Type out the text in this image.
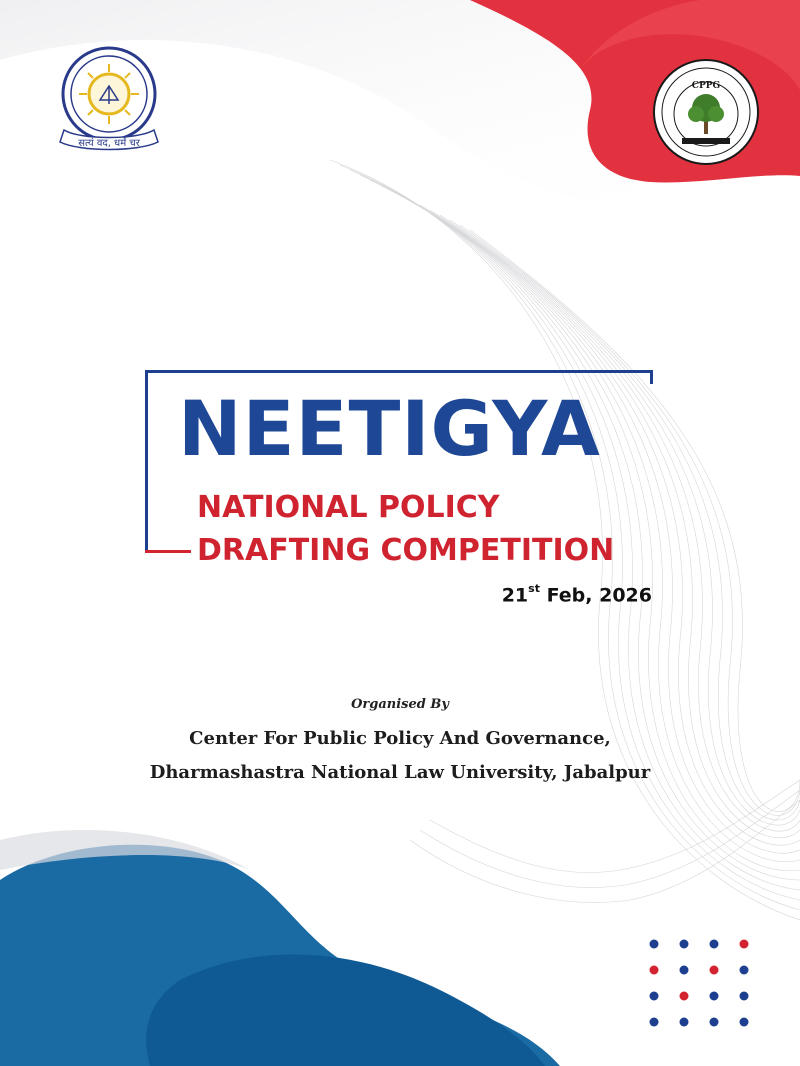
सत्यं वद, धर्मं चर
CPPG
NEETIGYA
NATIONAL POLICY
DRAFTING COMPETITION
21st Feb, 2026
Organised By
Center For Public Policy And Governance,
Dharmashastra National Law University, Jabalpur
